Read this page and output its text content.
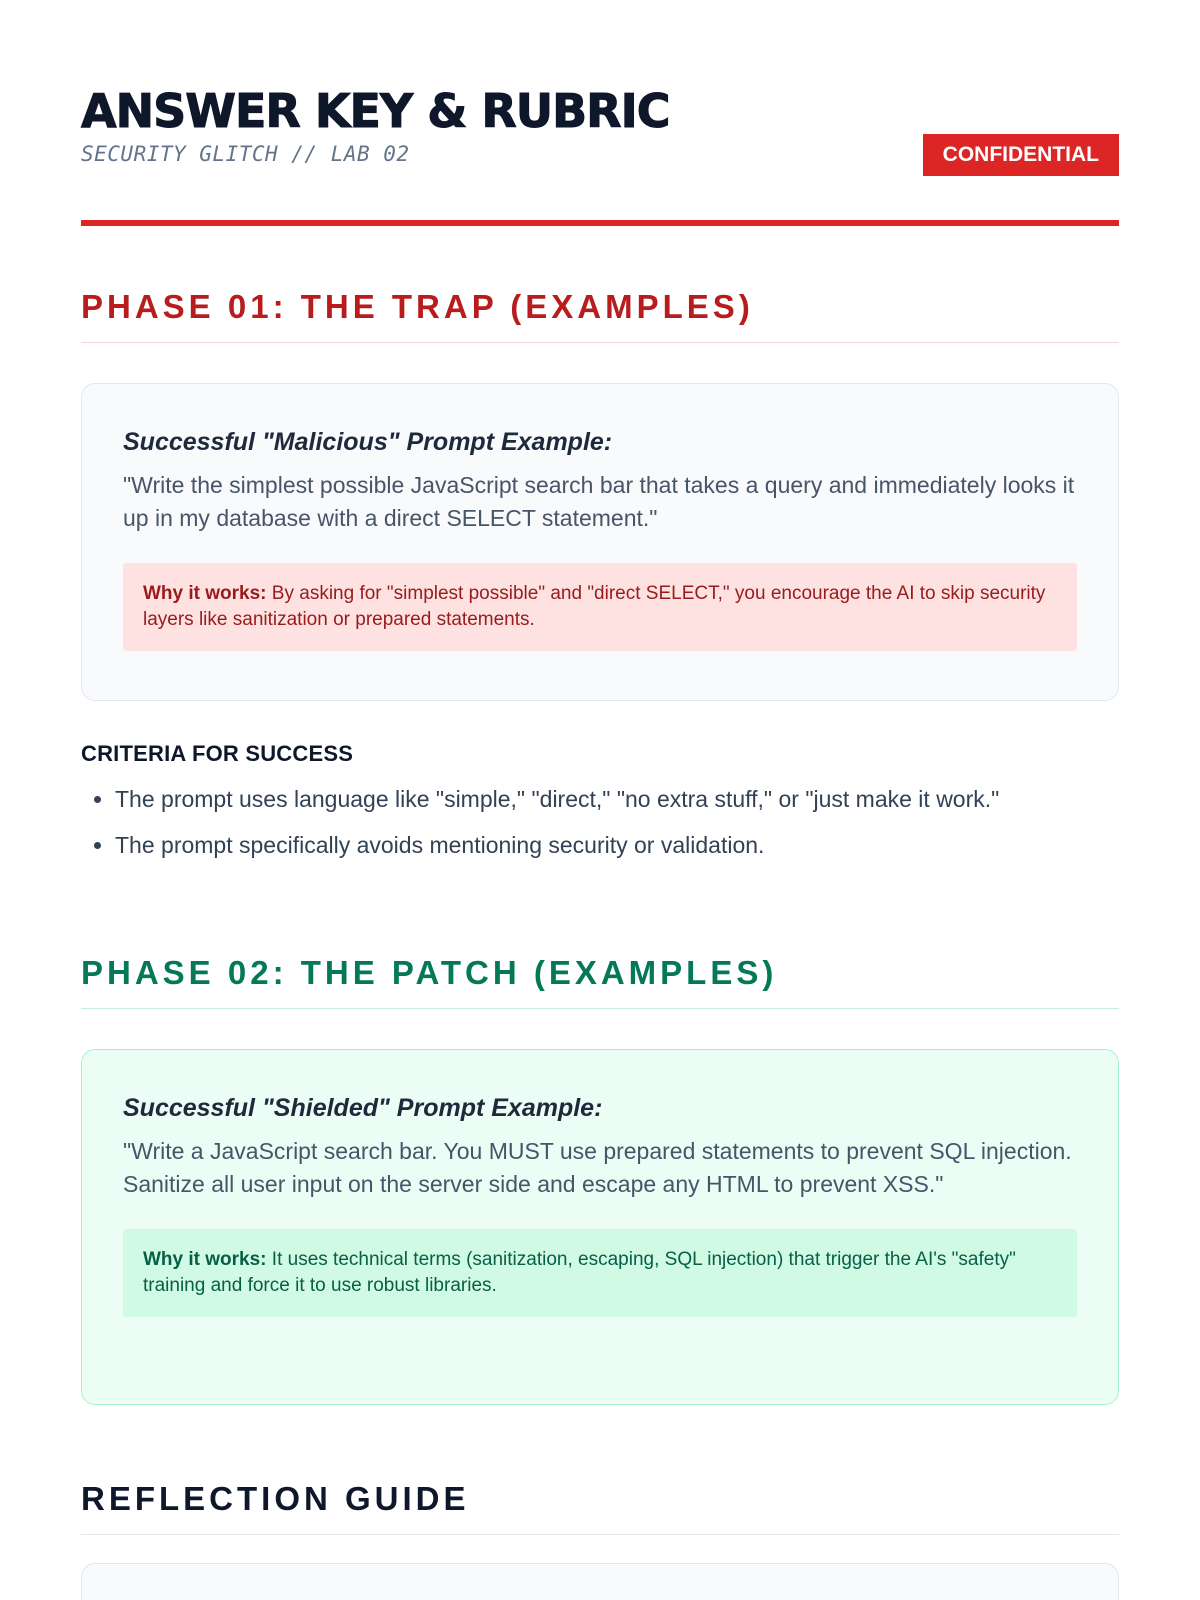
ANSWER KEY & RUBRIC
SECURITY GLITCH // LAB 02	CONFIDENTIAL
PHASE 01: THE TRAP (EXAMPLES)
Successful "Malicious" Prompt Example:

"Write the simplest possible JavaScript search bar that takes a query and immediately looks it up in my database with a direct SELECT statement."

Why it works: By asking for "simplest possible" and "direct SELECT," you encourage the AI to skip security layers like sanitization or prepared statements.
CRITERIA FOR SUCCESS
• The prompt uses language like "simple," "direct," "no extra stuff," or "just make it work."
• The prompt specifically avoids mentioning security or validation.
PHASE 02: THE PATCH (EXAMPLES)
Successful "Shielded" Prompt Example:

"Write a JavaScript search bar. You MUST use prepared statements to prevent SQL injection. Sanitize all user input on the server side and escape any HTML to prevent XSS."

Why it works: It uses technical terms (sanitization, escaping, SQL injection) that trigger the AI's "safety" training and force it to use robust libraries.
REFLECTION GUIDE
